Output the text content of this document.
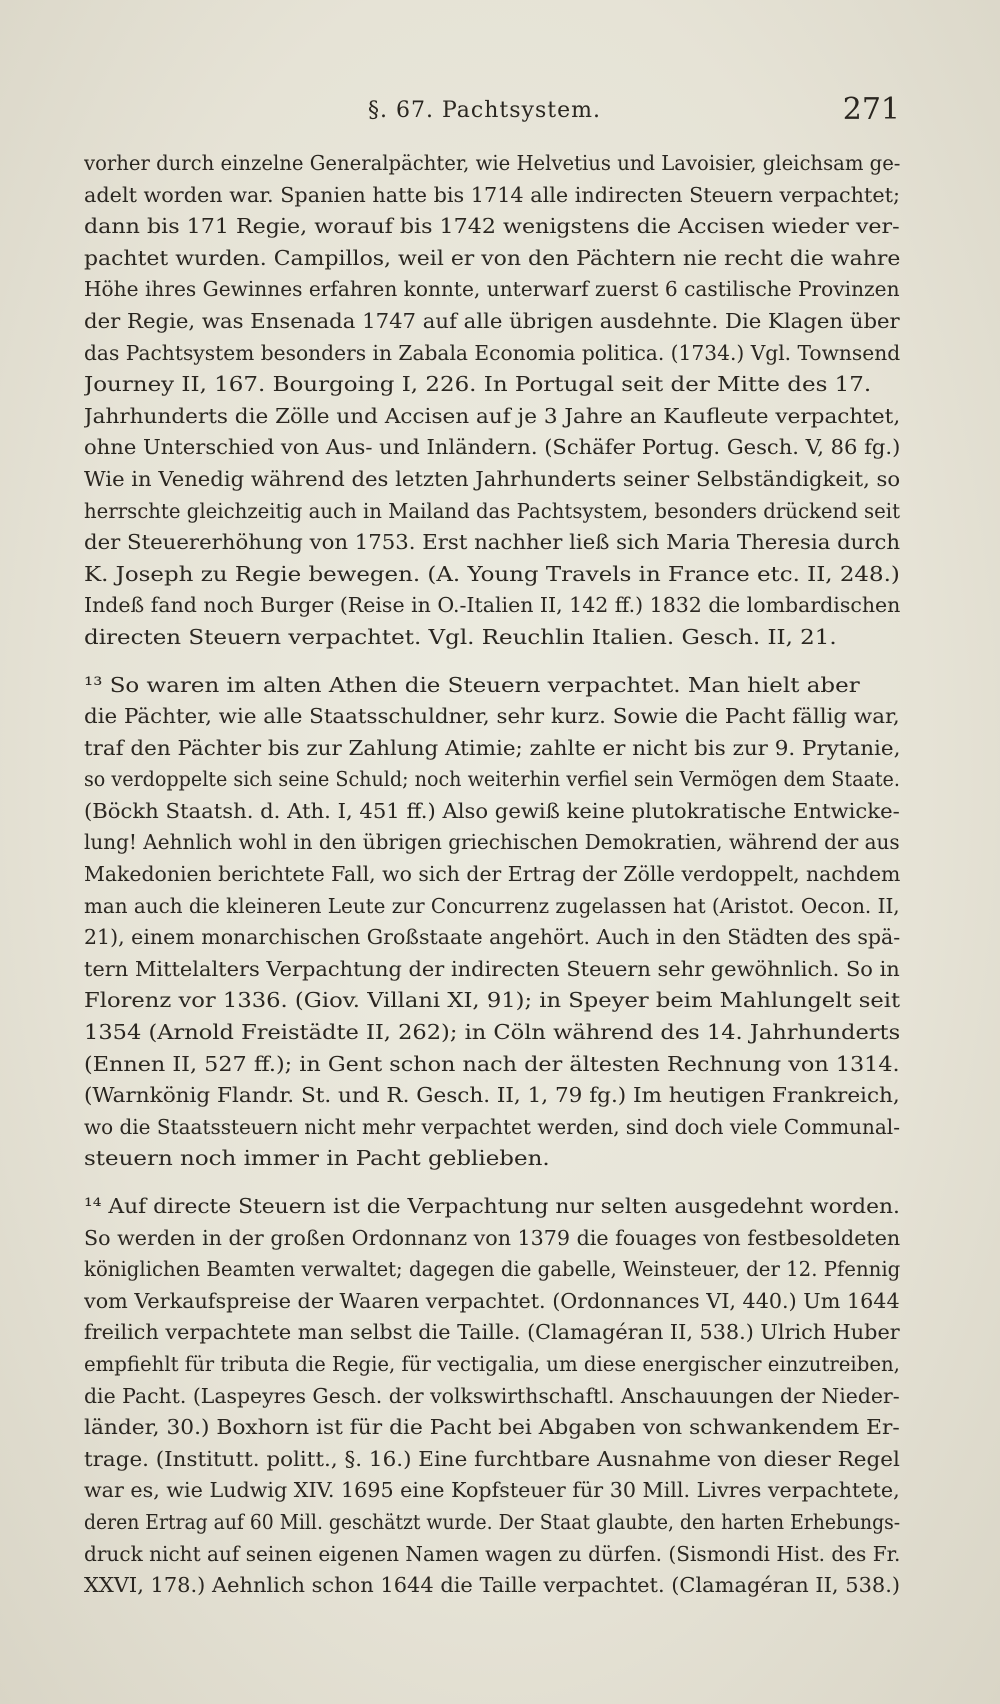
§. 67. Pachtsystem.	271
vorher durch einzelne Generalpächter, wie Helvetius und Lavoisier, gleichsam ge-
adelt worden war. Spanien hatte bis 1714 alle indirecten Steuern verpachtet;
dann bis 171 Regie, worauf bis 1742 wenigstens die Accisen wieder ver-
pachtet wurden. Campillos, weil er von den Pächtern nie recht die wahre
Höhe ihres Gewinnes erfahren konnte, unterwarf zuerst 6 castilische Provinzen
der Regie, was Ensenada 1747 auf alle übrigen ausdehnte. Die Klagen über
das Pachtsystem besonders in Zabala Economia politica. (1734.) Vgl. Townsend
Journey II, 167. Bourgoing I, 226. In Portugal seit der Mitte des 17.
Jahrhunderts die Zölle und Accisen auf je 3 Jahre an Kaufleute verpachtet,
ohne Unterschied von Aus- und Inländern. (Schäfer Portug. Gesch. V, 86 fg.)
Wie in Venedig während des letzten Jahrhunderts seiner Selbständigkeit, so
herrschte gleichzeitig auch in Mailand das Pachtsystem, besonders drückend seit
der Steuererhöhung von 1753. Erst nachher ließ sich Maria Theresia durch
K. Joseph zu Regie bewegen. (A. Young Travels in France etc. II, 248.)
Indeß fand noch Burger (Reise in O.-Italien II, 142 ff.) 1832 die lombardischen
directen Steuern verpachtet. Vgl. Reuchlin Italien. Gesch. II, 21.
¹³ So waren im alten Athen die Steuern verpachtet. Man hielt aber
die Pächter, wie alle Staatsschuldner, sehr kurz. Sowie die Pacht fällig war,
traf den Pächter bis zur Zahlung Atimie; zahlte er nicht bis zur 9. Prytanie,
so verdoppelte sich seine Schuld; noch weiterhin verfiel sein Vermögen dem Staate.
(Böckh Staatsh. d. Ath. I, 451 ff.) Also gewiß keine plutokratische Entwicke-
lung! Aehnlich wohl in den übrigen griechischen Demokratien, während der aus
Makedonien berichtete Fall, wo sich der Ertrag der Zölle verdoppelt, nachdem
man auch die kleineren Leute zur Concurrenz zugelassen hat (Aristot. Oecon. II,
21), einem monarchischen Großstaate angehört. Auch in den Städten des spä-
tern Mittelalters Verpachtung der indirecten Steuern sehr gewöhnlich. So in
Florenz vor 1336. (Giov. Villani XI, 91); in Speyer beim Mahlungelt seit
1354 (Arnold Freistädte II, 262); in Cöln während des 14. Jahrhunderts
(Ennen II, 527 ff.); in Gent schon nach der ältesten Rechnung von 1314.
(Warnkönig Flandr. St. und R. Gesch. II, 1, 79 fg.) Im heutigen Frankreich,
wo die Staatssteuern nicht mehr verpachtet werden, sind doch viele Communal-
steuern noch immer in Pacht geblieben.
¹⁴ Auf directe Steuern ist die Verpachtung nur selten ausgedehnt worden.
So werden in der großen Ordonnanz von 1379 die fouages von festbesoldeten
königlichen Beamten verwaltet; dagegen die gabelle, Weinsteuer, der 12. Pfennig
vom Verkaufspreise der Waaren verpachtet. (Ordonnances VI, 440.) Um 1644
freilich verpachtete man selbst die Taille. (Clamagéran II, 538.) Ulrich Huber
empfiehlt für tributa die Regie, für vectigalia, um diese energischer einzutreiben,
die Pacht. (Laspeyres Gesch. der volkswirthschaftl. Anschauungen der Nieder-
länder, 30.) Boxhorn ist für die Pacht bei Abgaben von schwankendem Er-
trage. (Institutt. politt., §. 16.) Eine furchtbare Ausnahme von dieser Regel
war es, wie Ludwig XIV. 1695 eine Kopfsteuer für 30 Mill. Livres verpachtete,
deren Ertrag auf 60 Mill. geschätzt wurde. Der Staat glaubte, den harten Erhebungs-
druck nicht auf seinen eigenen Namen wagen zu dürfen. (Sismondi Hist. des Fr.
XXVI, 178.) Aehnlich schon 1644 die Taille verpachtet. (Clamagéran II, 538.)
